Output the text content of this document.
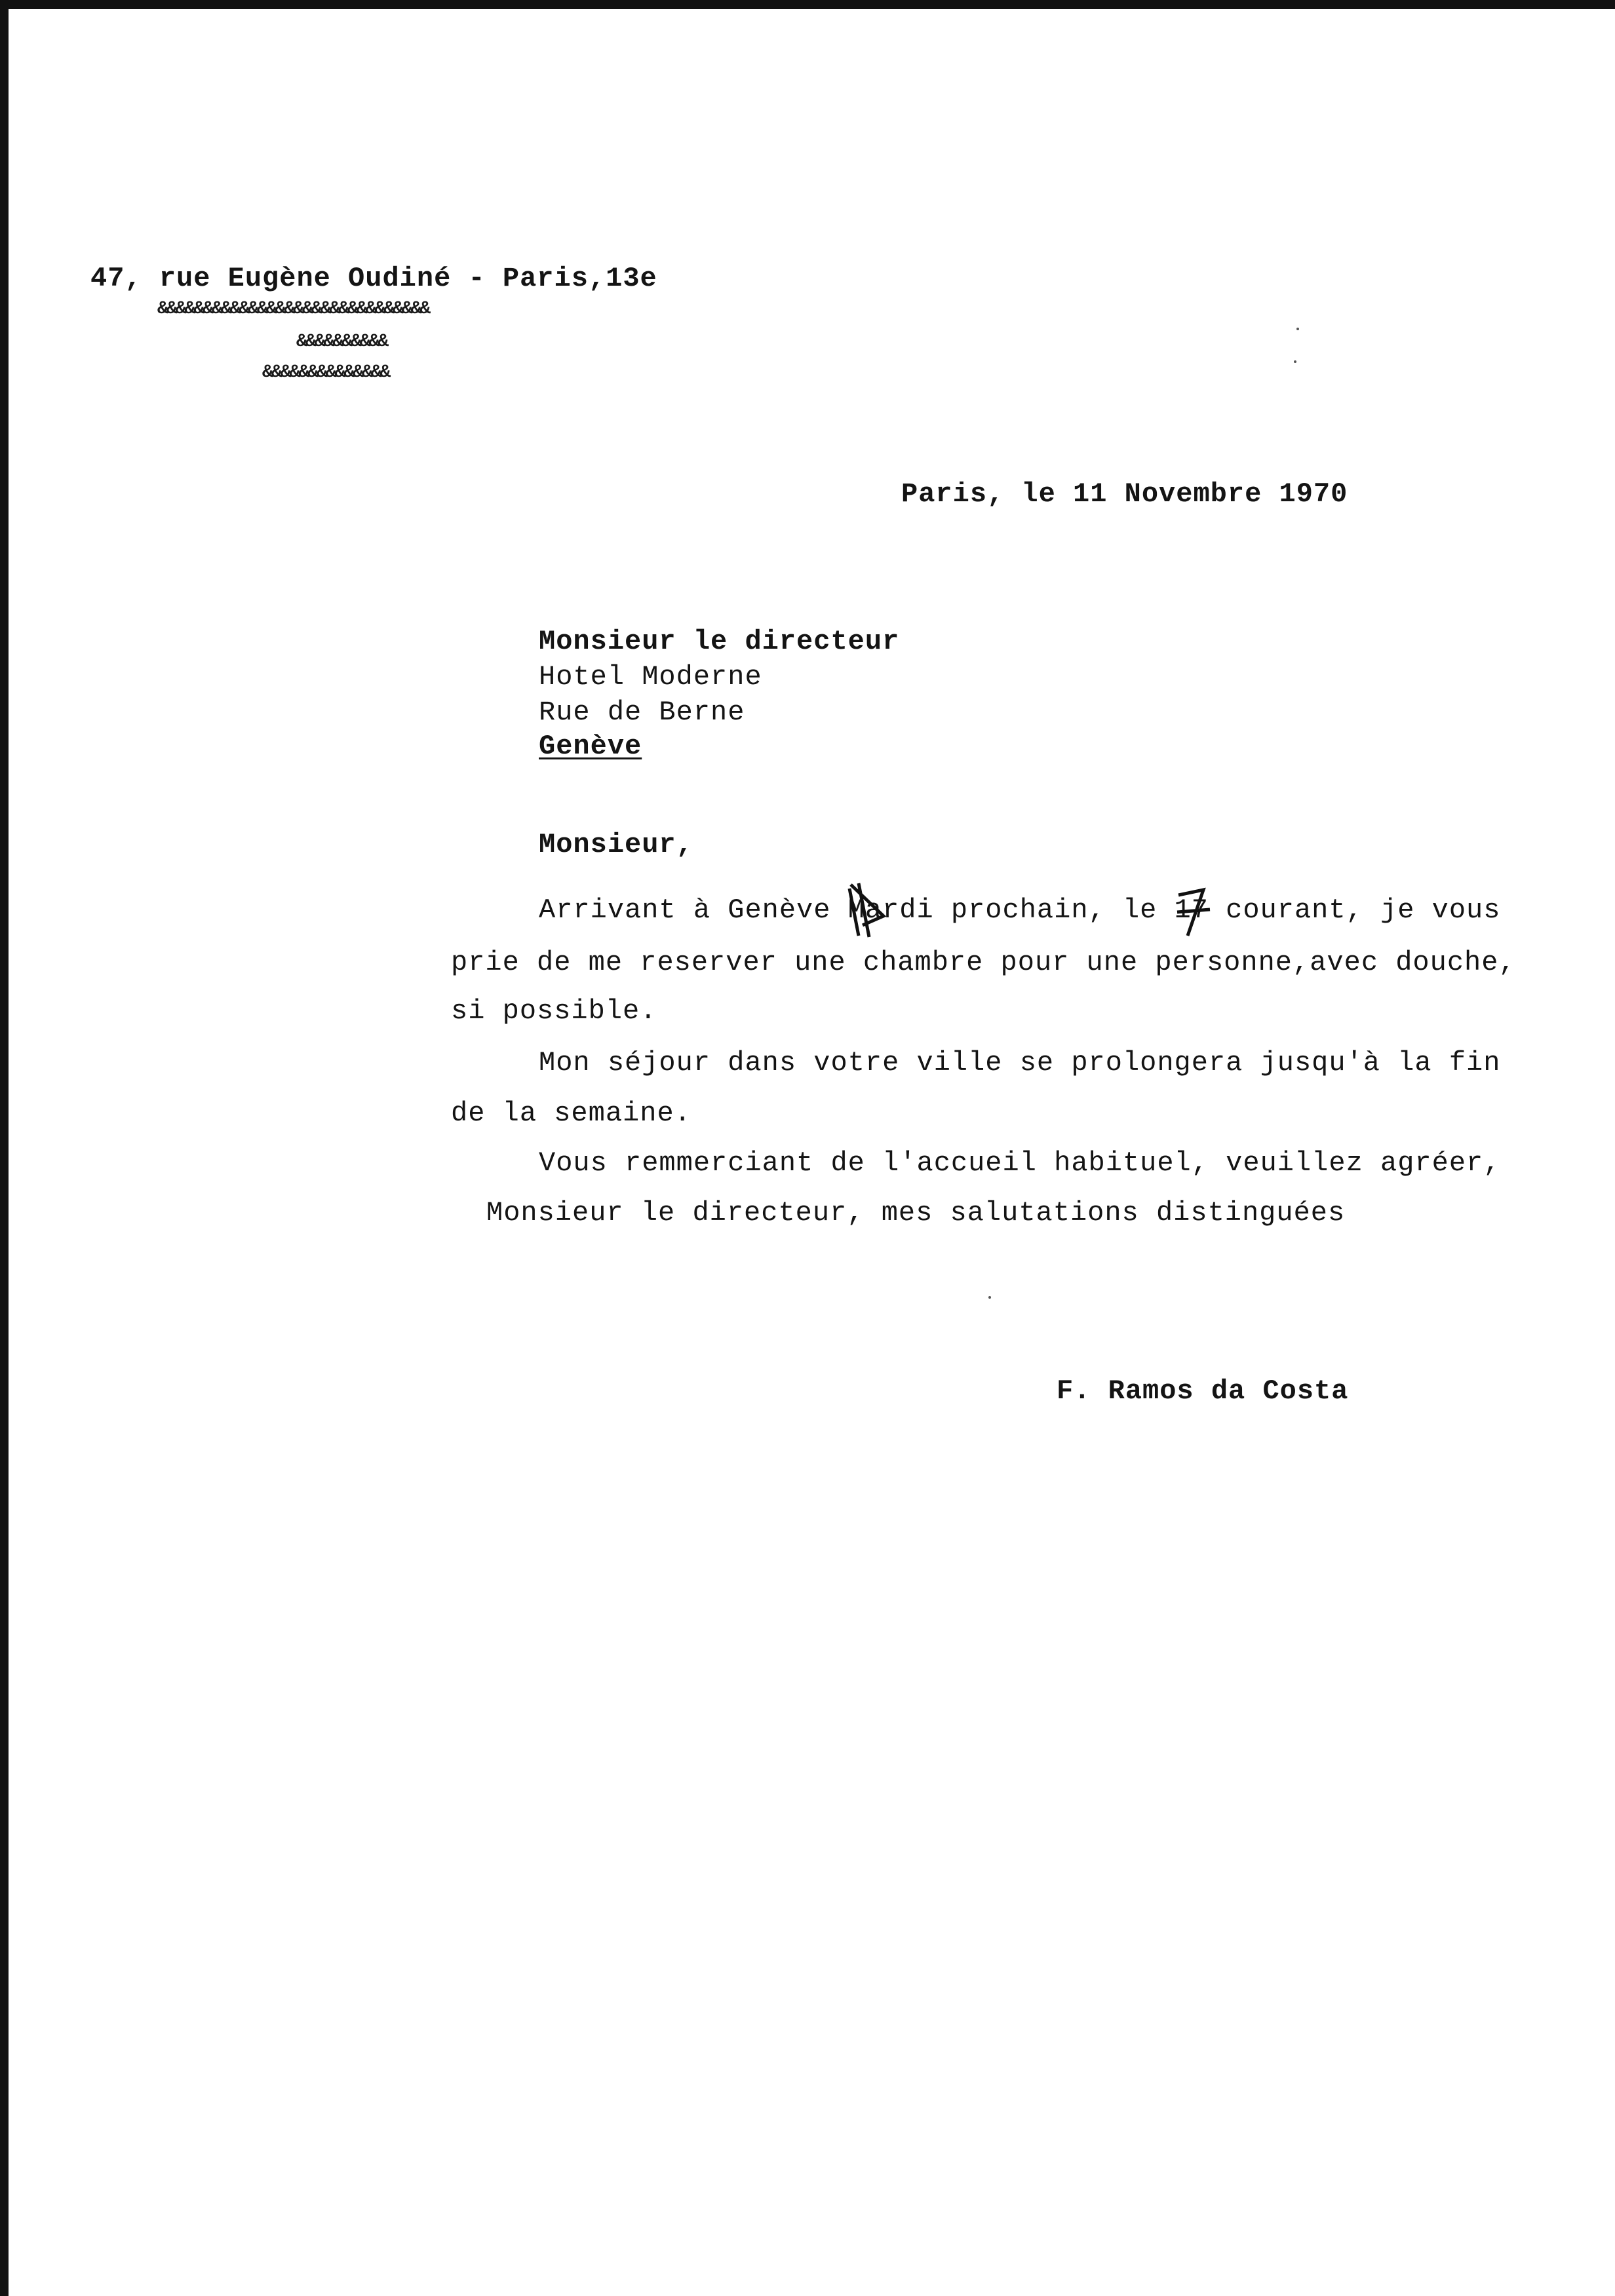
47, rue Eugène Oudiné - Paris,13e
&&&&&&&&&&&&&&&&&&&&&&&&&&&&&&
&&&&&&&&&&
&&&&&&&&&&&&&&
Paris, le 11 Novembre 1970
Monsieur le directeur
Hotel Moderne
Rue de Berne
Genève
Monsieur,
Arrivant à Genève Mardi prochain, le 17 courant, je vous
prie de me reserver une chambre pour une personne,avec douche,
si possible.
Mon séjour dans votre ville se prolongera jusqu'à la fin
de la semaine.
Vous remmerciant de l'accueil habituel, veuillez agréer,
Monsieur le directeur, mes salutations distinguées
F. Ramos da Costa
